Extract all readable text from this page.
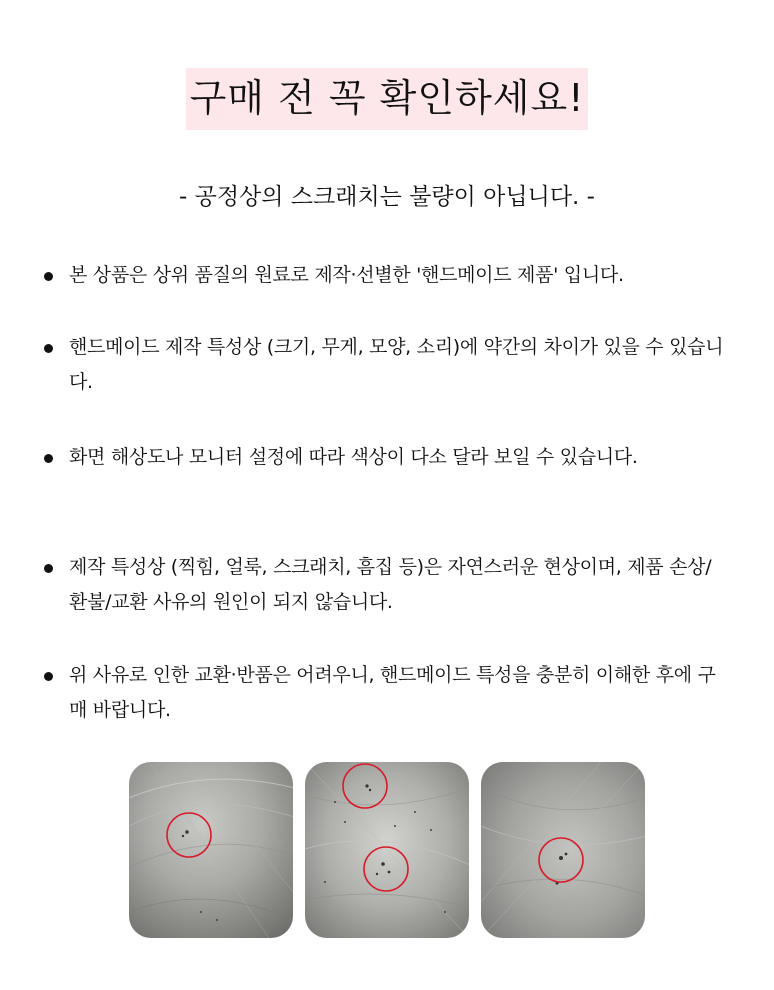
구매 전 꼭 확인하세요!
- 공정상의 스크래치는 불량이 아닙니다. -
본 상품은 상위 품질의 원료로 제작·선별한 '핸드메이드 제품' 입니다.
핸드메이드 제작 특성상 (크기, 무게, 모양, 소리)에 약간의 차이가 있을 수 있습니다.
화면 해상도나 모니터 설정에 따라 색상이 다소 달라 보일 수 있습니다.
제작 특성상 (찍힘, 얼룩, 스크래치, 흠집 등)은 자연스러운 현상이며, 제품 손상/환불/교환 사유의 원인이 되지 않습니다.
위 사유로 인한 교환·반품은 어려우니, 핸드메이드 특성을 충분히 이해한 후에 구매 바랍니다.
